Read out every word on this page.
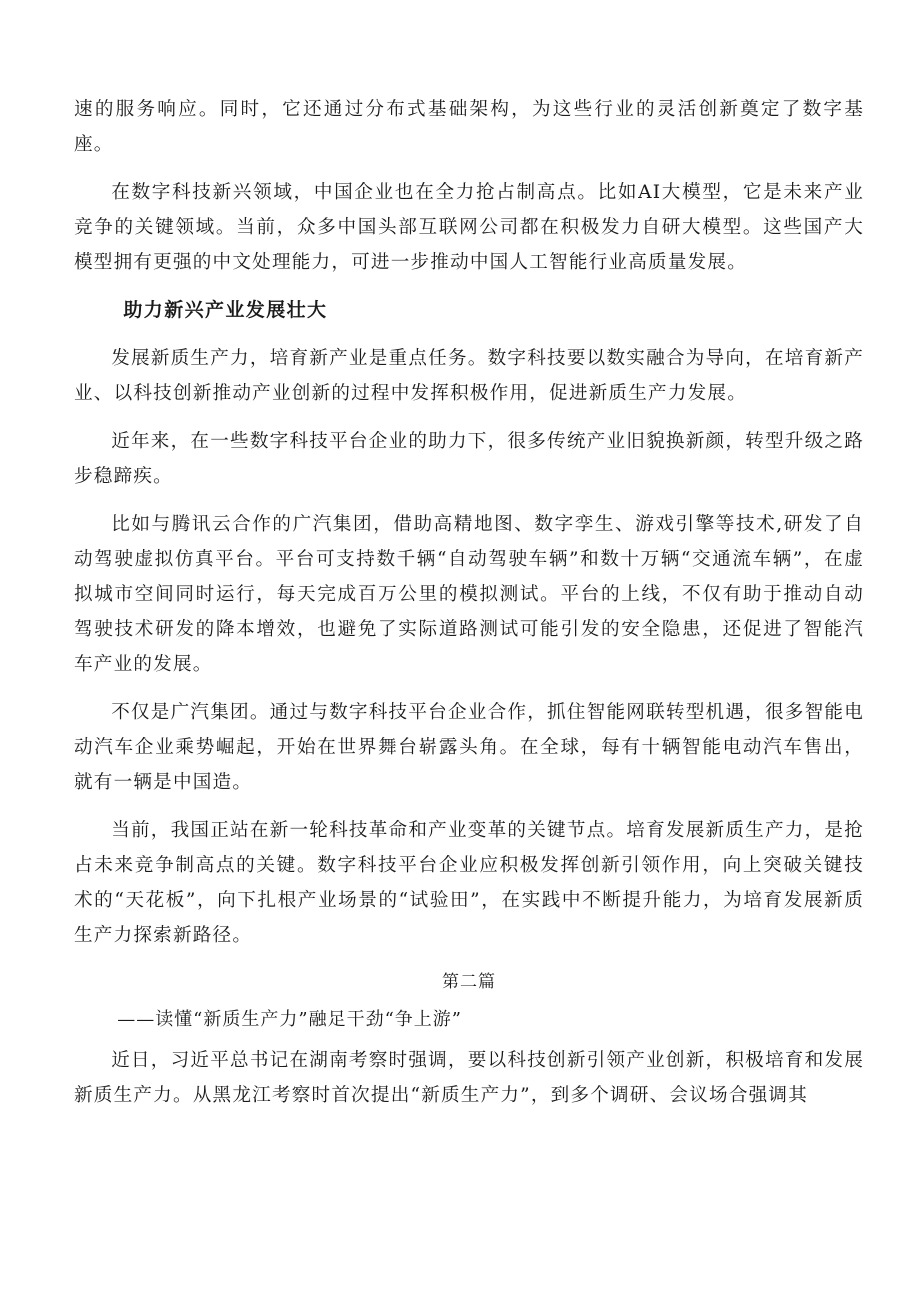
速的服务响应。同时，它还通过分布式基础架构，为这些行业的灵活创新奠定了数字基座。

在数字科技新兴领域，中国企业也在全力抢占制高点。比如AI大模型，它是未来产业竞争的关键领域。当前，众多中国头部互联网公司都在积极发力自研大模型。这些国产大模型拥有更强的中文处理能力，可进一步推动中国人工智能行业高质量发展。

助力新兴产业发展壮大

发展新质生产力，培育新产业是重点任务。数字科技要以数实融合为导向，在培育新产业、以科技创新推动产业创新的过程中发挥积极作用，促进新质生产力发展。

近年来，在一些数字科技平台企业的助力下，很多传统产业旧貌换新颜，转型升级之路步稳蹄疾。

比如与腾讯云合作的广汽集团，借助高精地图、数字孪生、游戏引擎等技术,研发了自动驾驶虚拟仿真平台。平台可支持数千辆“自动驾驶车辆”和数十万辆“交通流车辆”，在虚拟城市空间同时运行，每天完成百万公里的模拟测试。平台的上线，不仅有助于推动自动驾驶技术研发的降本增效，也避免了实际道路测试可能引发的安全隐患，还促进了智能汽车产业的发展。

不仅是广汽集团。通过与数字科技平台企业合作，抓住智能网联转型机遇，很多智能电动汽车企业乘势崛起，开始在世界舞台崭露头角。在全球，每有十辆智能电动汽车售出，就有一辆是中国造。

当前，我国正站在新一轮科技革命和产业变革的关键节点。培育发展新质生产力，是抢占未来竞争制高点的关键。数字科技平台企业应积极发挥创新引领作用，向上突破关键技术的“天花板”，向下扎根产业场景的“试验田”，在实践中不断提升能力，为培育发展新质生产力探索新路径。

第二篇

——读懂“新质生产力”融足干劲“争上游”

近日，习近平总书记在湖南考察时强调，要以科技创新引领产业创新，积极培育和发展新质生产力。从黑龙江考察时首次提出“新质生产力”，到多个调研、会议场合强调其
